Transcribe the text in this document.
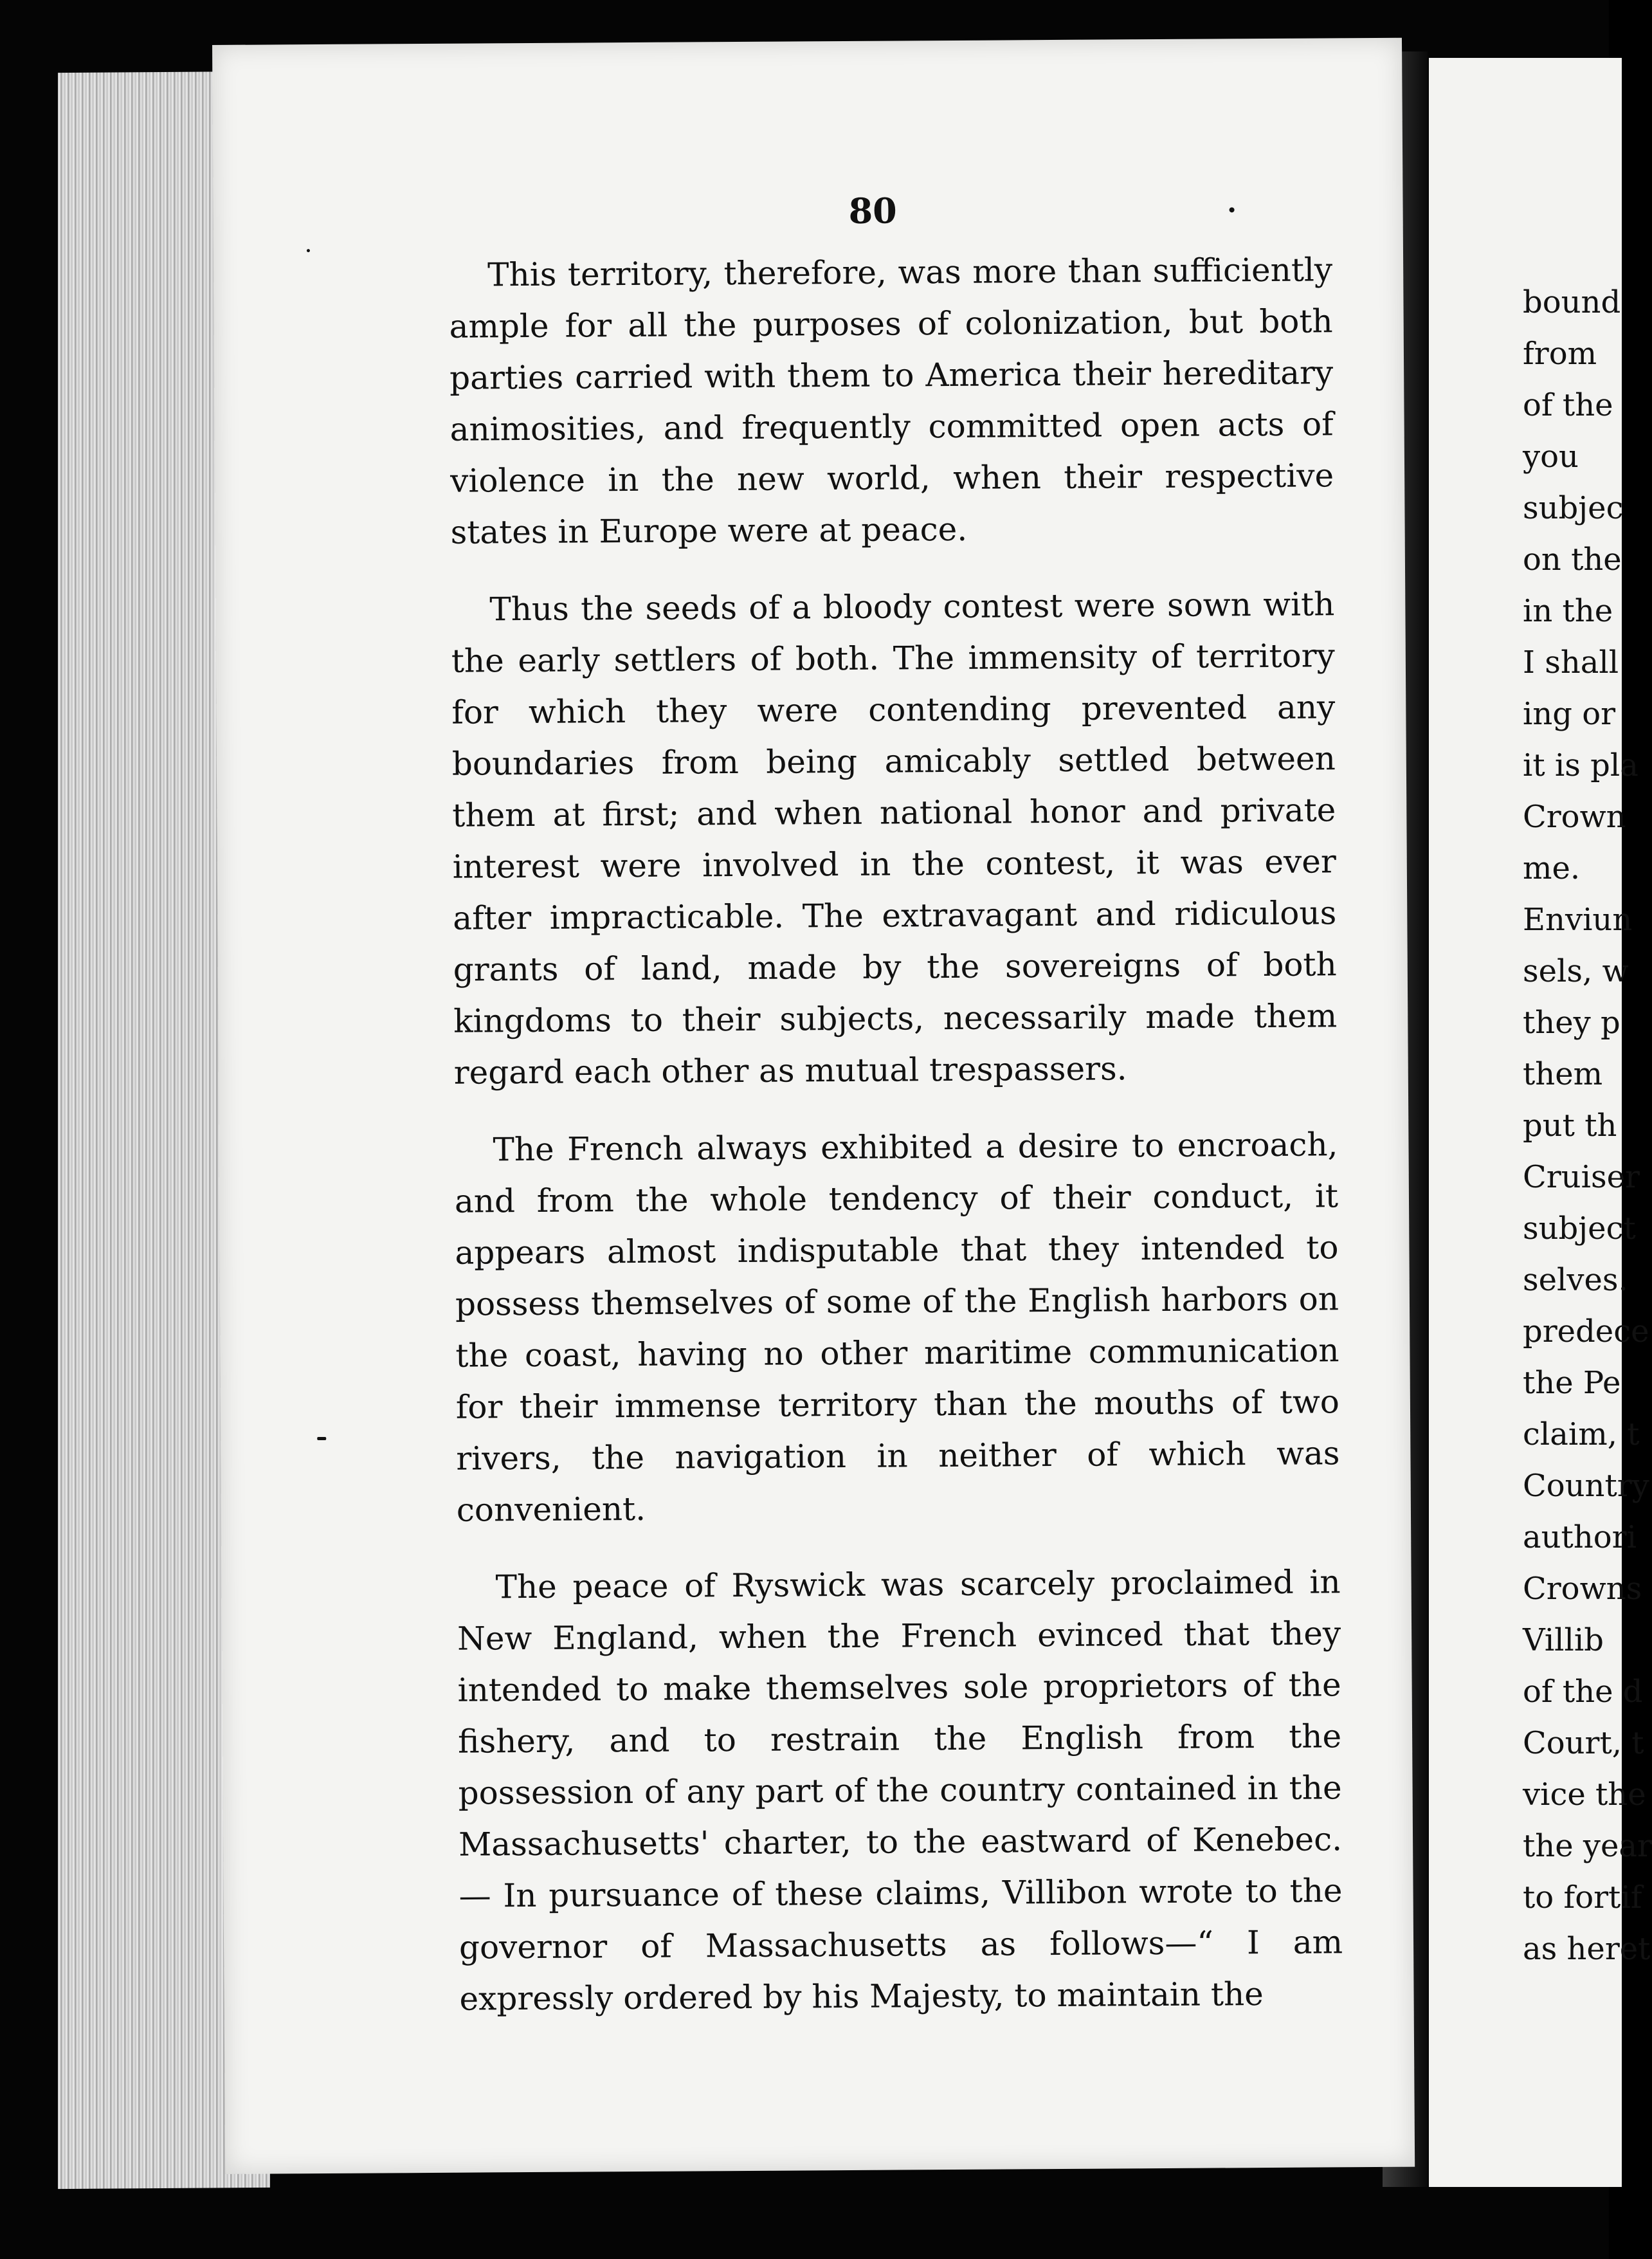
80

This territory, therefore, was more than sufficiently ample for all the purposes of colonization, but both parties carried with them to America their hereditary animosities, and frequently committed open acts of violence in the new world, when their respective states in Europe were at peace.

Thus the seeds of a bloody contest were sown with the early settlers of both. The immensity of territory for which they were contending prevented any boundaries from being amicably settled between them at first; and when national honor and private interest were involved in the contest, it was ever after impracticable. The extravagant and ridiculous grants of land, made by the sovereigns of both kingdoms to their subjects, necessarily made them regard each other as mutual trespassers.

The French always exhibited a desire to encroach, and from the whole tendency of their conduct, it appears almost indisputable that they intended to possess themselves of some of the English harbors on the coast, having no other maritime communication for their immense territory than the mouths of two rivers, the navigation in neither of which was convenient.

The peace of Ryswick was scarcely proclaimed in New England, when the French evinced that they intended to make themselves sole proprietors of the fishery, and to restrain the English from the possession of any part of the country contained in the Massachusetts' charter, to the eastward of Kenebec.— In pursuance of these claims, Villibon wrote to the governor of Massachusetts as follows—“ I am expressly ordered by his Majesty, to maintain the

bound
from
of the
you
subjec
on the
in the
I shall
ing or
it is pla
Crown
me.
Enviun
sels, w
they p
them
put th
Cruiser
subject
selves.
predece
the Pe
claim, t
Country
authori
Crowns
Villib
of the d
Court, t
vice the
the year
to fortif
as heret
